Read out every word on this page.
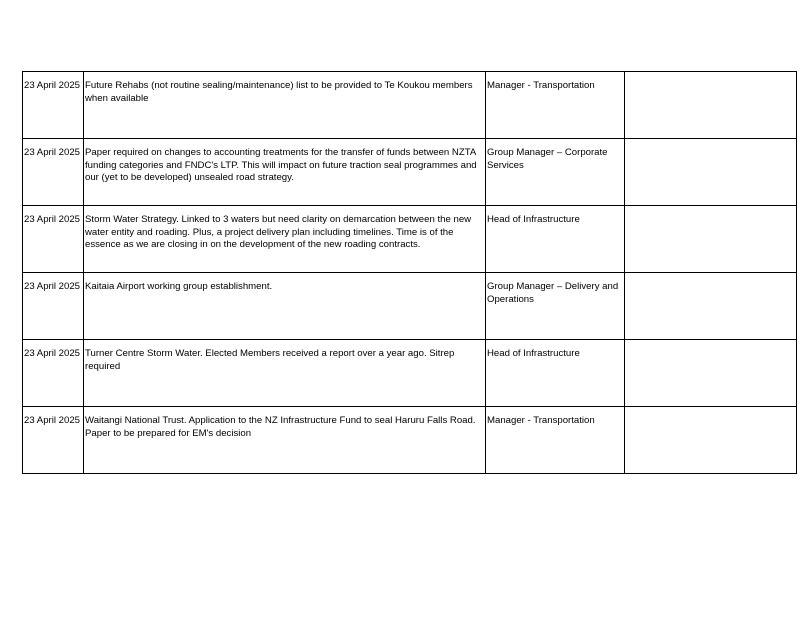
23 April 2025	Future Rehabs (not routine sealing/maintenance) list to be provided to Te Koukou members when available	Manager - Transportation	
23 April 2025	Paper required on changes to accounting treatments for the transfer of funds between NZTA funding categories and FNDC's LTP. This will impact on future traction seal programmes and our (yet to be developed) unsealed road strategy.	Group Manager – Corporate Services	
23 April 2025	Storm Water Strategy. Linked to 3 waters but need clarity on demarcation between the new water entity and roading. Plus, a project delivery plan including timelines. Time is of the essence as we are closing in on the development of the new roading contracts.	Head of Infrastructure	
23 April 2025	Kaitaia Airport working group establishment.	Group Manager – Delivery and Operations	
23 April 2025	Turner Centre Storm Water. Elected Members received a report over a year ago. Sitrep required	Head of Infrastructure	
23 April 2025	Waitangi National Trust. Application to the NZ Infrastructure Fund to seal Haruru Falls Road. Paper to be prepared for EM's decision	Manager - Transportation	
